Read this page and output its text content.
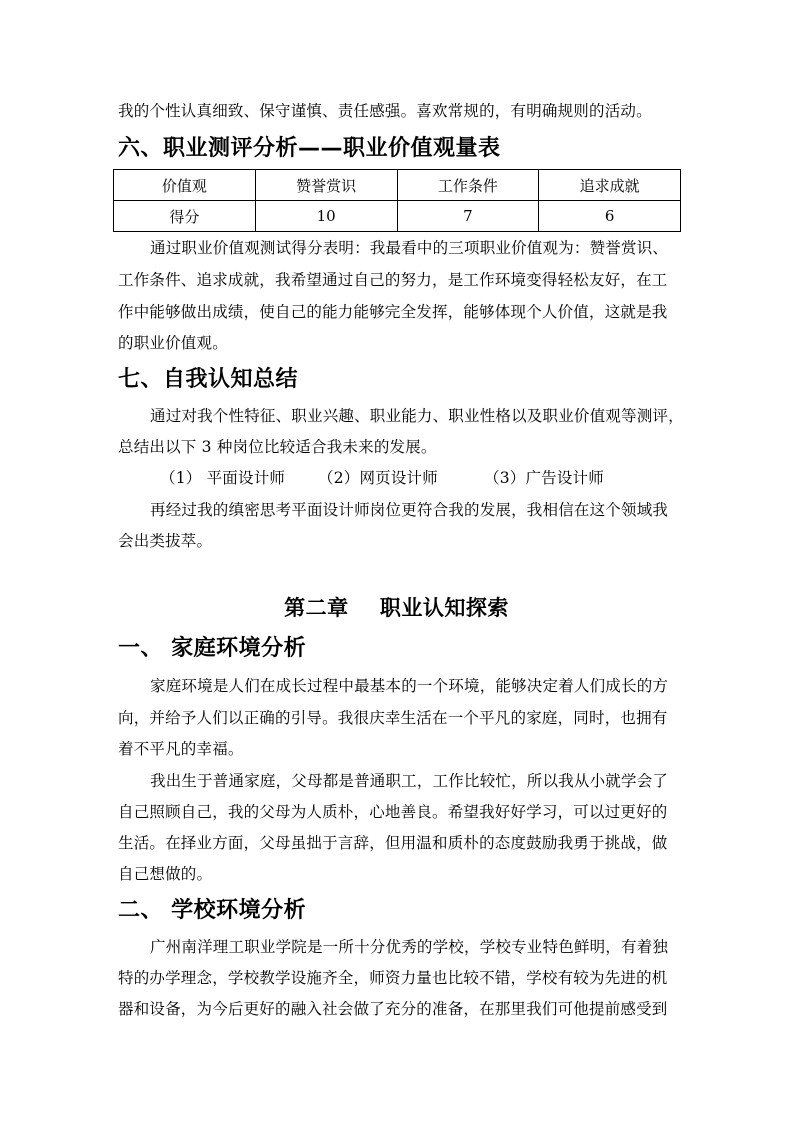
我的个性认真细致、保守谨慎、责任感强。喜欢常规的，有明确规则的活动。
六、职业测评分析——职业价值观量表
价值观	赞誉赏识	工作条件	追求成就
得分	10	7	6
通过职业价值观测试得分表明：我最看中的三项职业价值观为：赞誉赏识、
工作条件、追求成就，我希望通过自己的努力，是工作环境变得轻松友好，在工
作中能够做出成绩，使自己的能力能够完全发挥，能够体现个人价值，这就是我
的职业价值观。
七、自我认知总结
通过对我个性特征、职业兴趣、职业能力、职业性格以及职业价值观等测评，
总结出以下 3 种岗位比较适合我未来的发展。
（1） 平面设计师 （2）网页设计师	（3）广告设计师
再经过我的缜密思考平面设计师岗位更符合我的发展，我相信在这个领域我
会出类拔萃。
第二章    职业认知探索
一、 家庭环境分析
家庭环境是人们在成长过程中最基本的一个环境，能够决定着人们成长的方
向，并给予人们以正确的引导。我很庆幸生活在一个平凡的家庭，同时，也拥有
着不平凡的幸福。
我出生于普通家庭，父母都是普通职工，工作比较忙，所以我从小就学会了
自己照顾自己，我的父母为人质朴，心地善良。希望我好好学习，可以过更好的
生活。在择业方面，父母虽拙于言辞，但用温和质朴的态度鼓励我勇于挑战，做
自己想做的。
二、 学校环境分析
广州南洋理工职业学院是一所十分优秀的学校，学校专业特色鲜明，有着独
特的办学理念，学校教学设施齐全，师资力量也比较不错，学校有较为先进的机
器和设备，为今后更好的融入社会做了充分的准备，在那里我们可他提前感受到
